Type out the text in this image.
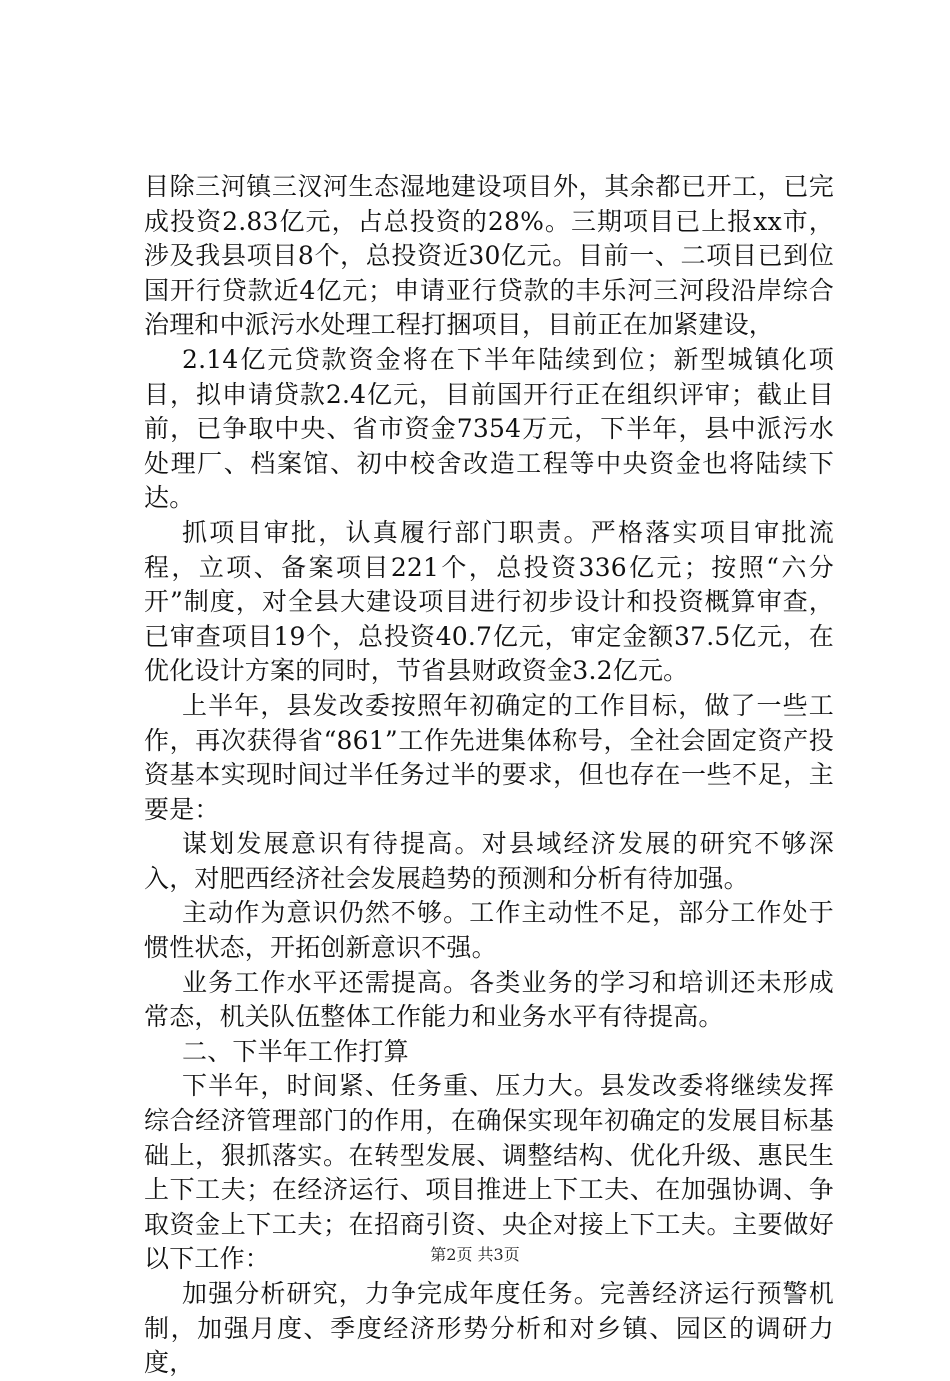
目除三河镇三汊河生态湿地建设项目外，其余都已开工，已完成投资2.83亿元，占总投资的28%。三期项目已上报xx市，涉及我县项目8个，总投资近30亿元。目前一、二项目已到位国开行贷款近4亿元；申请亚行贷款的丰乐河三河段沿岸综合治理和中派污水处理工程打捆项目，目前正在加紧建设，

2.14亿元贷款资金将在下半年陆续到位；新型城镇化项目，拟申请贷款2.4亿元，目前国开行正在组织评审；截止目前，已争取中央、省市资金7354万元，下半年，县中派污水处理厂、档案馆、初中校舍改造工程等中央资金也将陆续下达。

抓项目审批，认真履行部门职责。严格落实项目审批流程，立项、备案项目221个，总投资336亿元；按照“六分开”制度，对全县大建设项目进行初步设计和投资概算审查，已审查项目19个，总投资40.7亿元，审定金额37.5亿元，在优化设计方案的同时，节省县财政资金3.2亿元。

上半年，县发改委按照年初确定的工作目标，做了一些工作，再次获得省“861”工作先进集体称号，全社会固定资产投资基本实现时间过半任务过半的要求，但也存在一些不足，主要是：

谋划发展意识有待提高。对县域经济发展的研究不够深入，对肥西经济社会发展趋势的预测和分析有待加强。

主动作为意识仍然不够。工作主动性不足，部分工作处于惯性状态，开拓创新意识不强。

业务工作水平还需提高。各类业务的学习和培训还未形成常态，机关队伍整体工作能力和业务水平有待提高。

二、下半年工作打算

下半年，时间紧、任务重、压力大。县发改委将继续发挥综合经济管理部门的作用，在确保实现年初确定的发展目标基础上，狠抓落实。在转型发展、调整结构、优化升级、惠民生上下工夫；在经济运行、项目推进上下工夫、在加强协调、争取资金上下工夫；在招商引资、央企对接上下工夫。主要做好以下工作：

加强分析研究，力争完成年度任务。完善经济运行预警机制，加强月度、季度经济形势分析和对乡镇、园区的调研力度，

第2页 共3页
